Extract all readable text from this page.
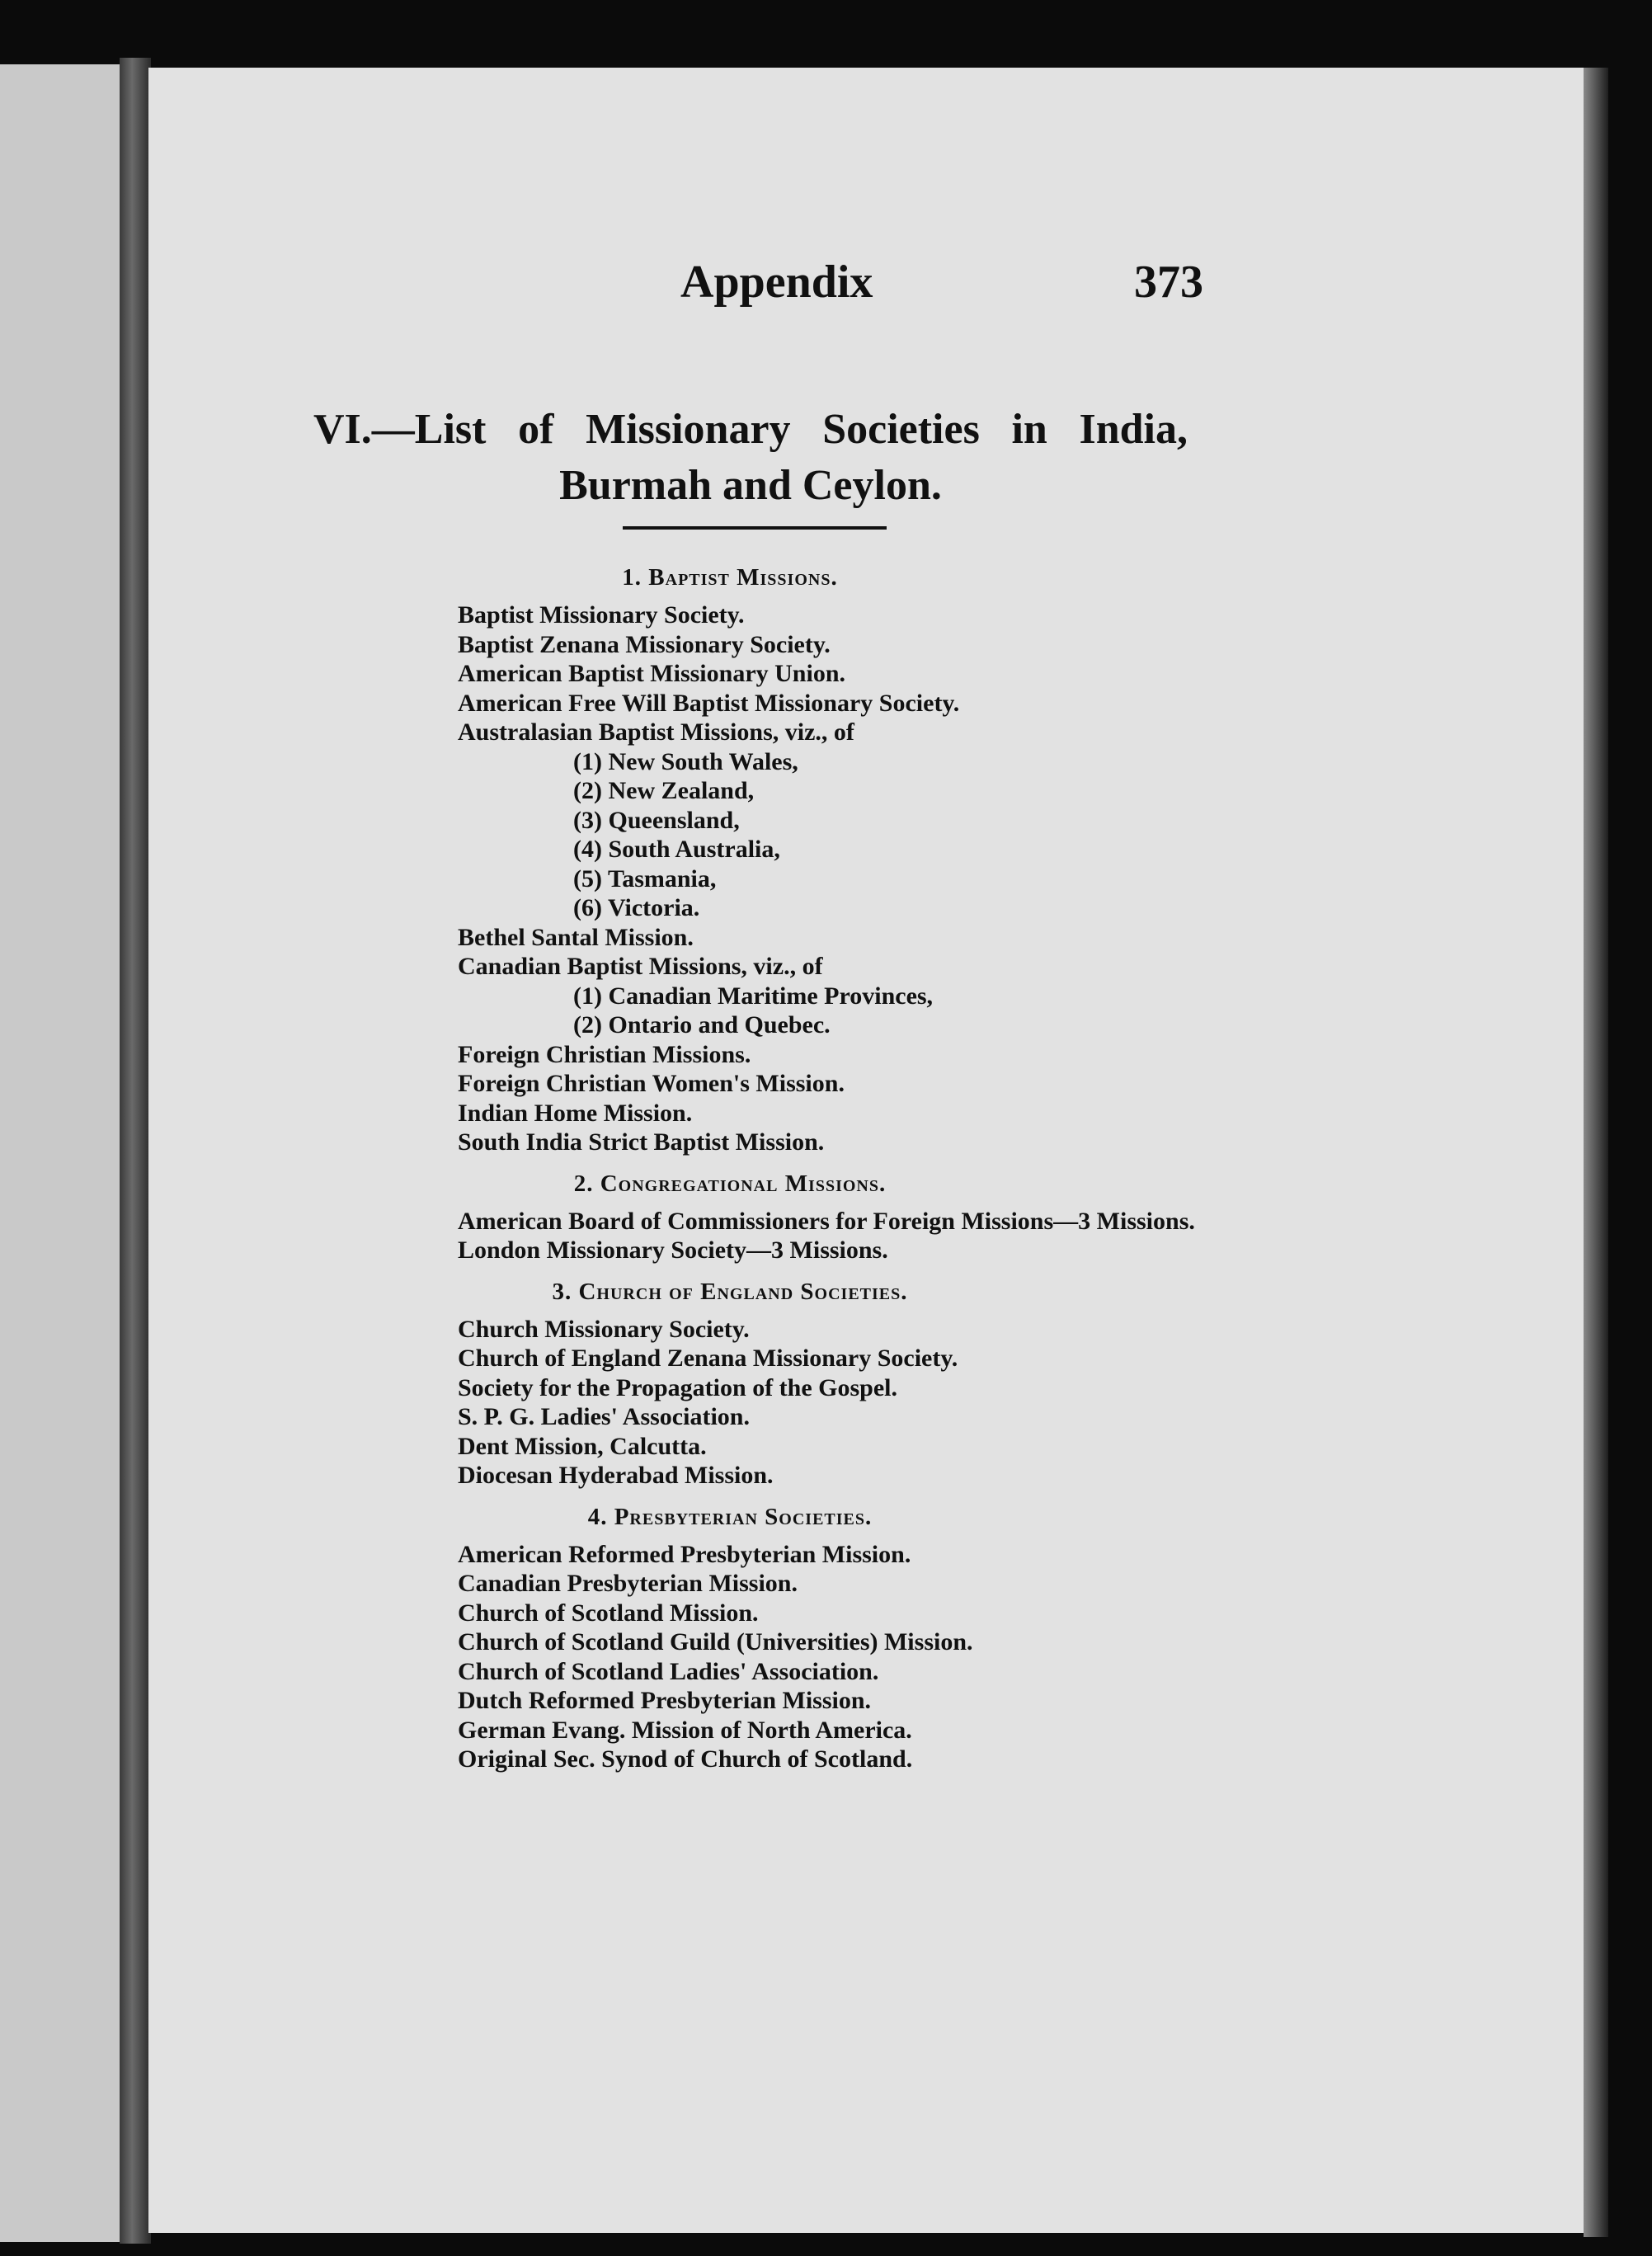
Appendix	373
VI.—List of Missionary Societies in India,
Burmah and Ceylon.
1. Baptist Missions.
Baptist Missionary Society.
Baptist Zenana Missionary Society.
American Baptist Missionary Union.
American Free Will Baptist Missionary Society.
Australasian Baptist Missions, viz., of
(1) New South Wales,
(2) New Zealand,
(3) Queensland,
(4) South Australia,
(5) Tasmania,
(6) Victoria.
Bethel Santal Mission.
Canadian Baptist Missions, viz., of
(1) Canadian Maritime Provinces,
(2) Ontario and Quebec.
Foreign Christian Missions.
Foreign Christian Women's Mission.
Indian Home Mission.
South India Strict Baptist Mission.
2. Congregational Missions.
American Board of Commissioners for Foreign Missions—3 Missions.
London Missionary Society—3 Missions.
3. Church of England Societies.
Church Missionary Society.
Church of England Zenana Missionary Society.
Society for the Propagation of the Gospel.
S. P. G. Ladies' Association.
Dent Mission, Calcutta.
Diocesan Hyderabad Mission.
4. Presbyterian Societies.
American Reformed Presbyterian Mission.
Canadian Presbyterian Mission.
Church of Scotland Mission.
Church of Scotland Guild (Universities) Mission.
Church of Scotland Ladies' Association.
Dutch Reformed Presbyterian Mission.
German Evang. Mission of North America.
Original Sec. Synod of Church of Scotland.
